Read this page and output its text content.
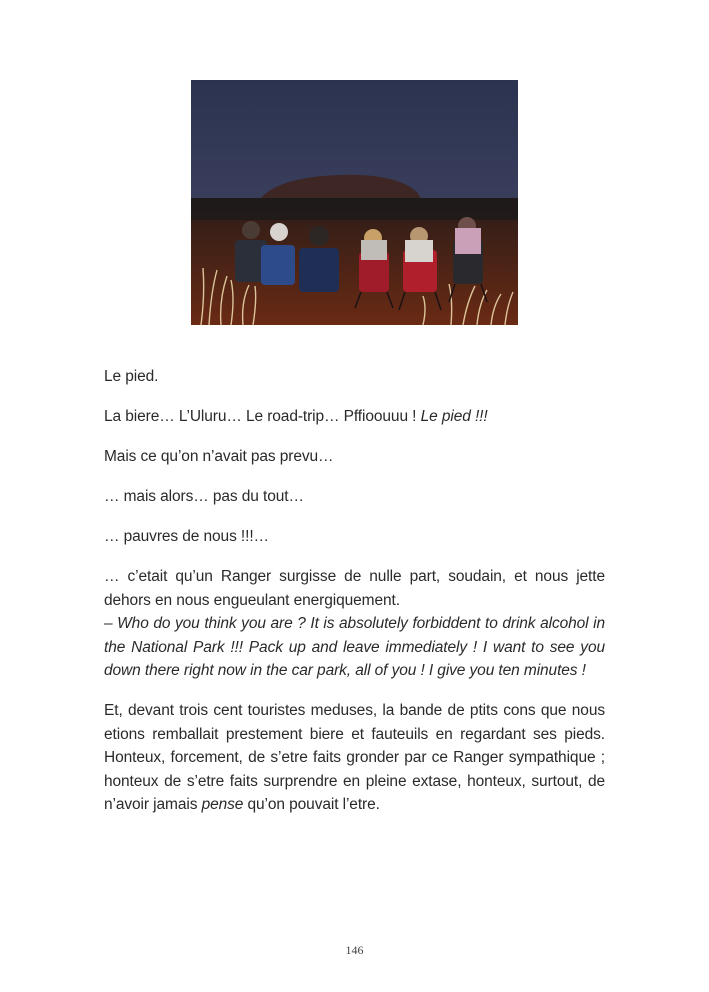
Le pied.

La biere… L’Uluru… Le road-trip… Pffioouuu ! Le pied !!!

Mais ce qu’on n’avait pas prevu…

… mais alors… pas du tout…

… pauvres de nous !!!…

… c’etait qu’un Ranger surgisse de nulle part, soudain, et nous jette dehors en nous engueulant energiquement.
– Who do you think you are ? It is absolutely forbiddent to drink alcohol in the National Park !!! Pack up and leave immediately ! I want to see you down there right now in the car park, all of you ! I give you ten minutes !

Et, devant trois cent touristes meduses, la bande de ptits cons que nous etions remballait prestement biere et fauteuils en regardant ses pieds. Honteux, forcement, de s’etre faits gronder par ce Ranger sympathique ; honteux de s’etre faits surprendre en pleine extase, honteux, surtout, de n’avoir jamais pense qu’on pouvait l’etre.

146
